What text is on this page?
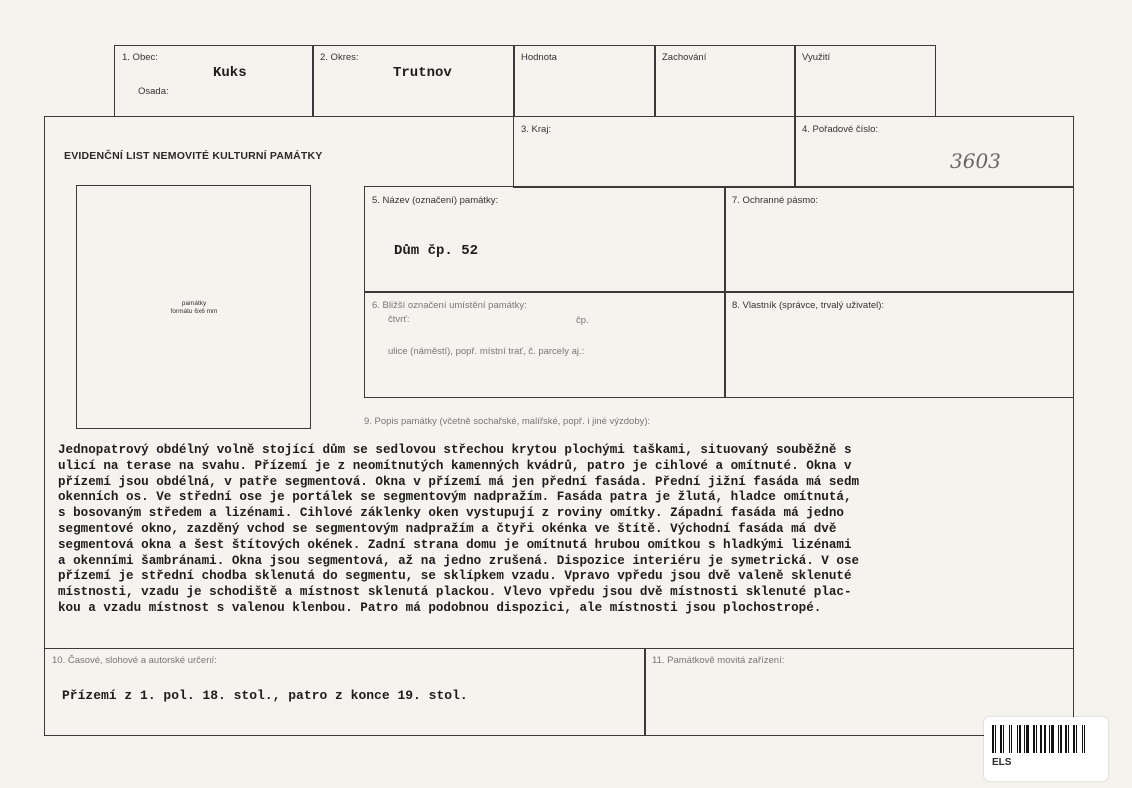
1. Obec:
Kuks
Osada:
2. Okres:
Trutnov
Hodnota	Zachování	Využití
EVIDENČNÍ LIST NEMOVITÉ KULTURNÍ PAMÁTKY
3. Kraj:	4. Pořadové číslo:
3603
památky
formátu 6x6 mm
5. Název (označení) památky:
Dům čp. 52
7. Ochranné pásmo:
6. Bližší označení umístění památky:
čtvrť:	čp.
ulice (náměstí), popř. místní trať, č. parcely aj.:
8. Vlastník (správce, trvalý uživatel):
9. Popis památky (včetně sochařské, malířské, popř. i jiné výzdoby):
Jednopatrový obdélný volně stojící dům se sedlovou střechou krytou plochými taškami, situovaný souběžně s
ulicí na terase na svahu. Přízemí je z neomítnutých kamenných kvádrů, patro je cihlové a omítnuté. Okna v
přízemí jsou obdélná, v patře segmentová. Okna v přízemí má jen přední fasáda. Přední jižní fasáda má sedm
okenních os. Ve střední ose je portálek se segmentovým nadpražím. Fasáda patra je žlutá, hladce omítnutá,
s bosovaným středem a lizénami. Cihlové záklenky oken vystupují z roviny omítky. Západní fasáda má jedno
segmentové okno, zazděný vchod se segmentovým nadpražím a čtyři okénka ve štítě. Východní fasáda má dvě
segmentová okna a šest štítových okének. Zadní strana domu je omítnutá hrubou omítkou s hladkými lizénami
a okenními šambránami. Okna jsou segmentová, až na jedno zrušená. Dispozice interiéru je symetrická. V ose
přízemí je střední chodba sklenutá do segmentu, se sklípkem vzadu. Vpravo vpředu jsou dvě valeně sklenuté
místnosti, vzadu je schodiště a místnost sklenutá plackou. Vlevo vpředu jsou dvě místnosti sklenuté plac-
kou a vzadu místnost s valenou klenbou. Patro má podobnou dispozici, ale místnosti jsou plochostropé.
10. Časové, slohové a autorské určení:
Přízemí z 1. pol. 18. stol., patro z konce 19. stol.
11. Památkově movitá zařízení:
ELS
